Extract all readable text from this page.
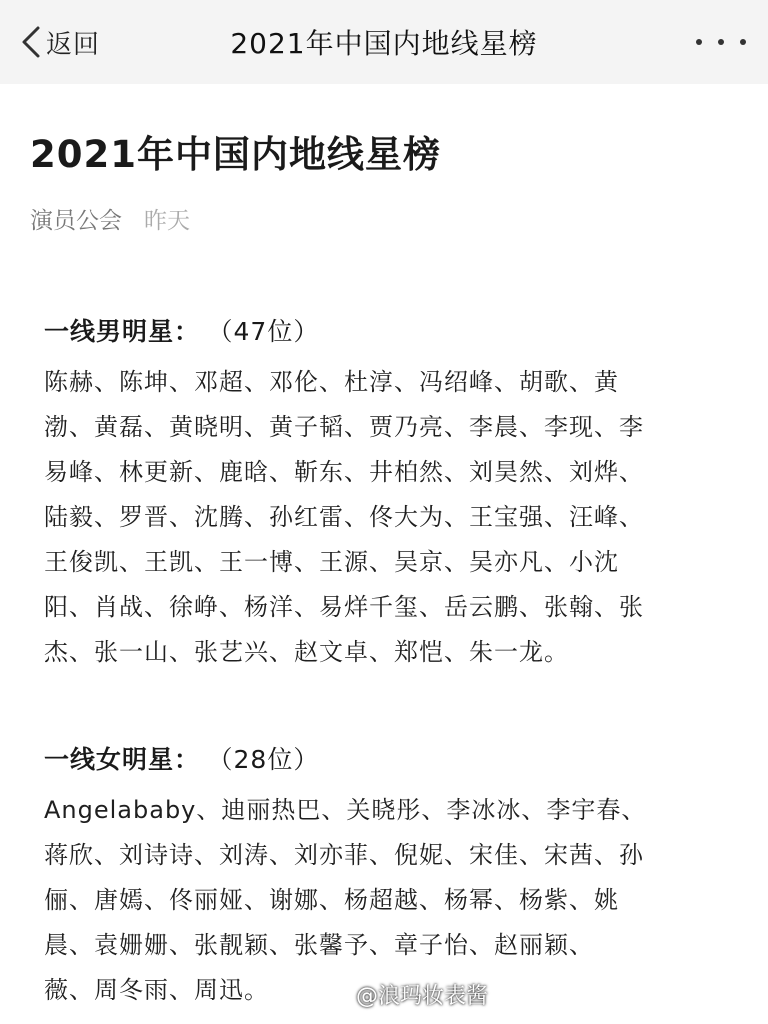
返回	2021年中国内地线星榜
2021年中国内地线星榜
演员公会 昨天
一线男明星： （47位）
陈赫、陈坤、邓超、邓伦、杜淳、冯绍峰、胡歌、黄
渤、黄磊、黄晓明、黄子韬、贾乃亮、李晨、李现、李
易峰、林更新、鹿晗、靳东、井柏然、刘昊然、刘烨、
陆毅、罗晋、沈腾、孙红雷、佟大为、王宝强、汪峰、
王俊凯、王凯、王一博、王源、吴京、吴亦凡、小沈
阳、肖战、徐峥、杨洋、易烊千玺、岳云鹏、张翰、张
杰、张一山、张艺兴、赵文卓、郑恺、朱一龙。
一线女明星： （28位）
Angelababy、迪丽热巴、关晓彤、李冰冰、李宇春、
蒋欣、刘诗诗、刘涛、刘亦菲、倪妮、宋佳、宋茜、孙
俪、唐嫣、佟丽娅、谢娜、杨超越、杨幂、杨紫、姚
晨、袁姗姗、张靓颖、张馨予、章子怡、赵丽颖、
薇、周冬雨、周迅。	@浪玛妆表酱
